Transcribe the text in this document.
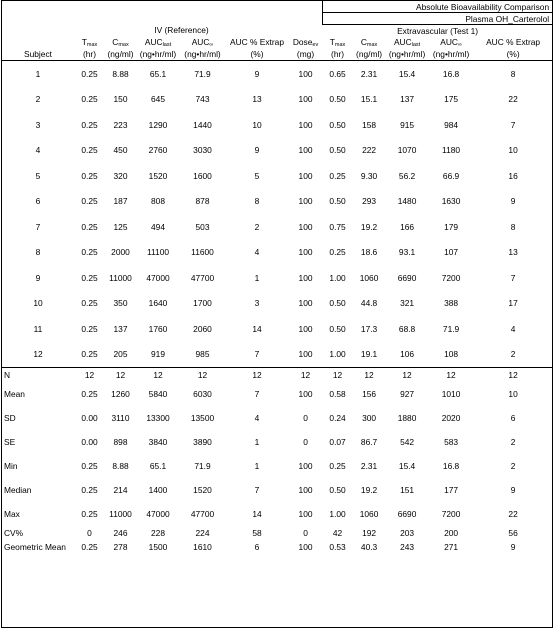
							Absolute Bioavailability Comparison				
							Plasma OH_Carterolol				
	IV (Reference)						Extravascular (Test 1)				
	Tmax	Cmax	AUClast	AUC∞	AUC % Extrap	Doseev	Tmax	Cmax	AUClast	AUC∞	AUC % Extrap
Subject	(hr)	(ng/ml)	(ng•hr/ml)	(ng•hr/ml)	(%)	(mg)	(hr)	(ng/ml)	(ng•hr/ml)	(ng•hr/ml)	(%)
1	0.25	8.88	65.1	71.9	9	100	0.65	2.31	15.4	16.8	8
2	0.25	150	645	743	13	100	0.50	15.1	137	175	22
3	0.25	223	1290	1440	10	100	0.50	158	915	984	7
4	0.25	450	2760	3030	9	100	0.50	222	1070	1180	10
5	0.25	320	1520	1600	5	100	0.25	9.30	56.2	66.9	16
6	0.25	187	808	878	8	100	0.50	293	1480	1630	9
7	0.25	125	494	503	2	100	0.75	19.2	166	179	8
8	0.25	2000	11100	11600	4	100	0.25	18.6	93.1	107	13
9	0.25	11000	47000	47700	1	100	1.00	1060	6690	7200	7
10	0.25	350	1640	1700	3	100	0.50	44.8	321	388	17
11	0.25	137	1760	2060	14	100	0.50	17.3	68.8	71.9	4
12	0.25	205	919	985	7	100	1.00	19.1	106	108	2
N	12	12	12	12	12	12	12	12	12	12	12
Mean	0.25	1260	5840	6030	7	100	0.58	156	927	1010	10
SD	0.00	3110	13300	13500	4	0	0.24	300	1880	2020	6
SE	0.00	898	3840	3890	1	0	0.07	86.7	542	583	2
Min	0.25	8.88	65.1	71.9	1	100	0.25	2.31	15.4	16.8	2
Median	0.25	214	1400	1520	7	100	0.50	19.2	151	177	9
Max	0.25	11000	47000	47700	14	100	1.00	1060	6690	7200	22
CV%	0	246	228	224	58	0	42	192	203	200	56
Geometric Mean	0.25	278	1500	1610	6	100	0.53	40.3	243	271	9
